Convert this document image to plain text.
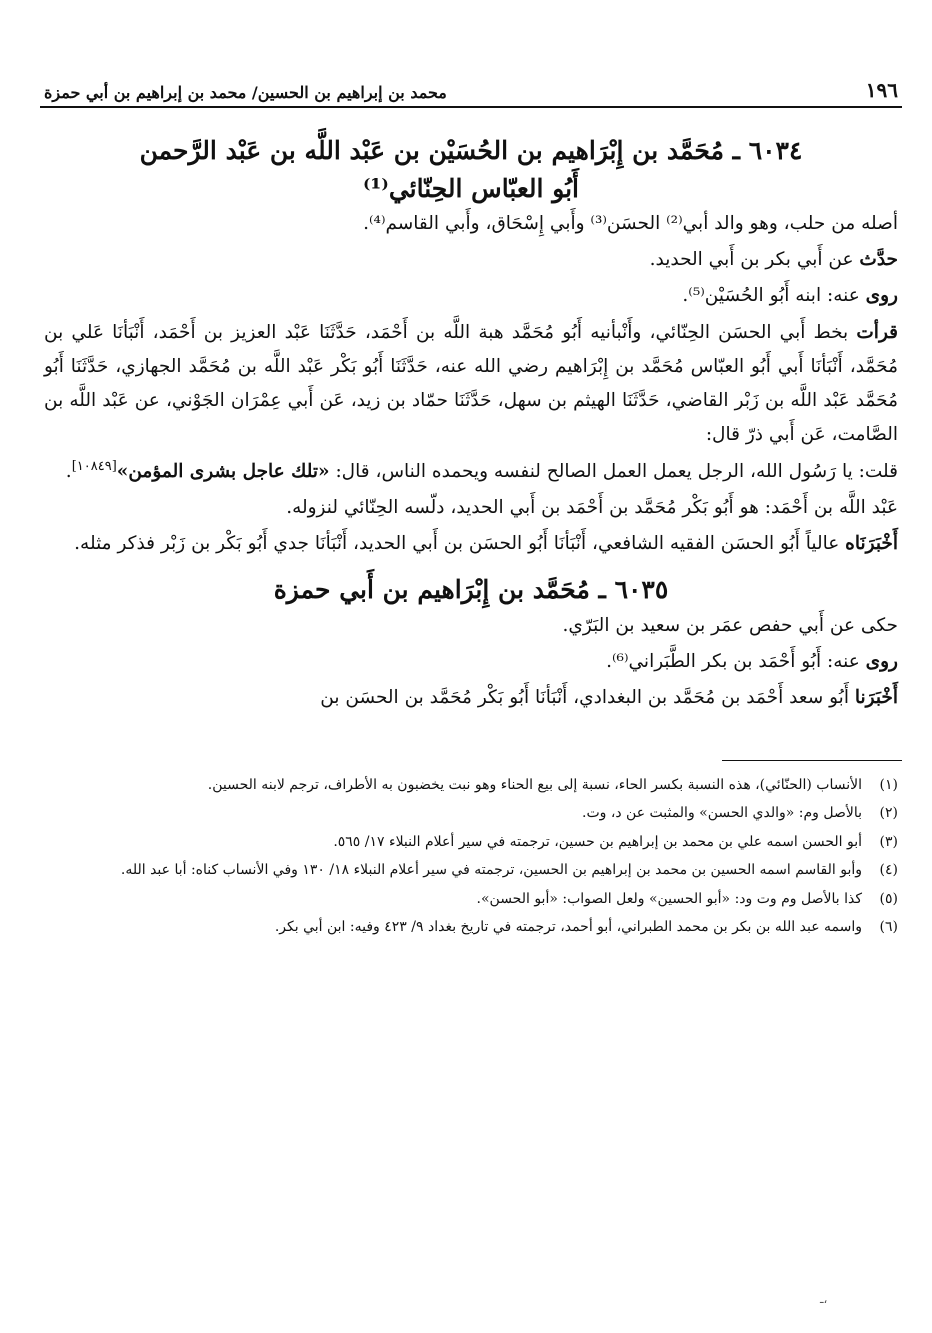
١٩٦
محمد بن إبراهيم بن الحسين/ محمد بن إبراهيم بن أبي حمزة
٦٠٣٤ ـ مُحَمَّد بن إِبْرَاهيم بن الحُسَيْن بن عَبْد اللَّه بن عَبْد الرَّحمن
أَبُو العبّاس الحِنّائي⁽¹⁾

أصله من حلب، وهو والد أبي⁽²⁾ الحسَن⁽³⁾ وأَبي إِسْحَاق، وأَبي القاسم⁽⁴⁾.

حدَّث عن أَبي بكر بن أَبي الحديد.

روى عنه: ابنه أَبُو الحُسَيْن⁽⁵⁾.

قرأت بخط أَبي الحسَن الحِنّائي، وأَنْبأنيه أَبُو مُحَمَّد هبة اللَّه بن أَحْمَد، حَدَّثَنَا عَبْد العزيز بن أَحْمَد، أَنْبَأنَا عَلي بن مُحَمَّد، أَنْبَأنَا أَبي أَبُو العبّاس مُحَمَّد بن إِبْرَاهيم رضي الله عنه، حَدَّثَنَا أَبُو بَكْر عَبْد اللَّه بن مُحَمَّد الجهازي، حَدَّثَنَا أَبُو مُحَمَّد عَبْد اللَّه بن زَبْر القاضي، حَدَّثَنَا الهيثم بن سهل، حَدَّثَنَا حمّاد بن زيد، عَن أَبي عِمْرَان الجَوْني، عن عَبْد اللَّه بن الصَّامت، عَن أَبي ذرّ قال:

قلت: يا رَسُول الله، الرجل يعمل العمل الصالح لنفسه ويحمده الناس، قال: «تلك عاجل بشرى المؤمن»[١٠٨٤٩].

عَبْد اللَّه بن أَحْمَد: هو أَبُو بَكْر مُحَمَّد بن أَحْمَد بن أَبي الحديد، دلّسه الحِنّائي لنزوله.

أَخْبَرَنَاه عالياً أَبُو الحسَن الفقيه الشافعي، أَنْبَأنَا أَبُو الحسَن بن أَبي الحديد، أَنْبَأنَا جدي أَبُو بَكْر بن زَبْر فذكر مثله.

٦٠٣٥ ـ مُحَمَّد بن إِبْرَاهيم بن أَبي حمزة

حكى عن أَبي حفص عمَر بن سعيد بن البَرّي.

روى عنه: أَبُو أَحْمَد بن بكر الطَّبَراني⁽⁶⁾.

أَخْبَرَنا أَبُو سعد أَحْمَد بن مُحَمَّد بن البغدادي، أَنْبَأنَا أَبُو بَكْر مُحَمَّد بن الحسَن بن

(١)
الأنساب (الحنّائي)، هذه النسبة بكسر الحاء، نسبة إلى بيع الحناء وهو نبت يخضبون به الأطراف، ترجم لابنه الحسين.
(٢)
بالأصل وم: «والدي الحسن» والمثبت عن د، وت.
(٣)
أبو الحسن اسمه علي بن محمد بن إبراهيم بن حسين، ترجمته في سير أعلام النبلاء ١٧/ ٥٦٥.
(٤)
وأبو القاسم اسمه الحسين بن محمد بن إبراهيم بن الحسين، ترجمته في سير أعلام النبلاء ١٨/ ١٣٠ وفي الأنساب كناه: أبا عبد الله.
(٥)
كذا بالأصل وم وت ود: «أبو الحسين» ولعل الصواب: «أبو الحسن».
(٦)
واسمه عبد الله بن بكر بن محمد الطبراني، أبو أحمد، ترجمته في تاريخ بغداد ٩/ ٤٢٣ وفيه: ابن أبي بكر.
ـ،
